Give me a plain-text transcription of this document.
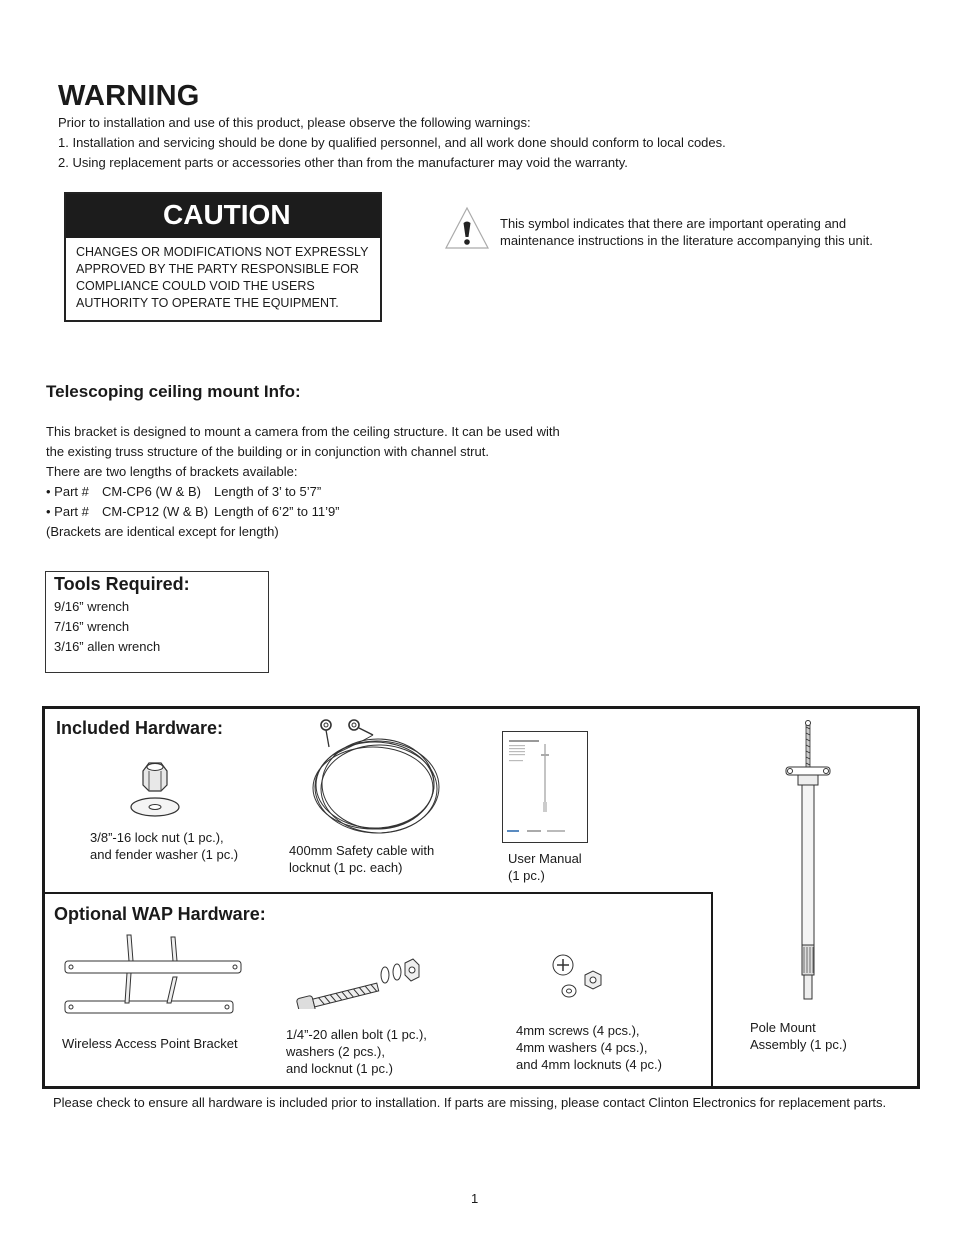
WARNING
Prior to installation and use of this product, please observe the following warnings:
1. Installation and servicing should be done by qualified personnel, and all work done should conform to local codes.
2. Using replacement parts or accessories other than from the manufacturer may void the warranty.
CAUTION
CHANGES OR MODIFICATIONS NOT EXPRESSLY APPROVED BY THE PARTY RESPONSIBLE FOR COMPLIANCE COULD VOID THE USERS AUTHORITY TO OPERATE THE EQUIPMENT.
This symbol indicates that there are important operating and maintenance instructions in the literature accompanying this unit.
Telescoping ceiling mount Info:
This bracket is designed to mount a camera from the ceiling structure. It can be used with
the existing truss structure of the building or in conjunction with channel strut.
There are two lengths of brackets available:
• Part # CM-CP6 (W & B) Length of 3’ to 5’7”
• Part # CM-CP12 (W & B) Length of 6’2” to 11’9”
(Brackets are identical except for length)
Tools Required:
9/16” wrench
7/16” wrench
3/16” allen wrench
Included Hardware:
3/8”-16 lock nut (1 pc.),
and fender washer (1 pc.)	400mm Safety cable with
locknut (1 pc. each)
User Manual
(1 pc.)
Pole Mount
Assembly (1 pc.)
Optional WAP Hardware:
Wireless Access Point Bracket
1/4”-20 allen bolt (1 pc.),
washers (2 pcs.),
and locknut (1 pc.)
4mm screws (4 pcs.),
4mm washers (4 pcs.),
and 4mm locknuts (4 pc.)
Please check to ensure all hardware is included prior to installation. If parts are missing, please contact Clinton Electronics for replacement parts.
1
